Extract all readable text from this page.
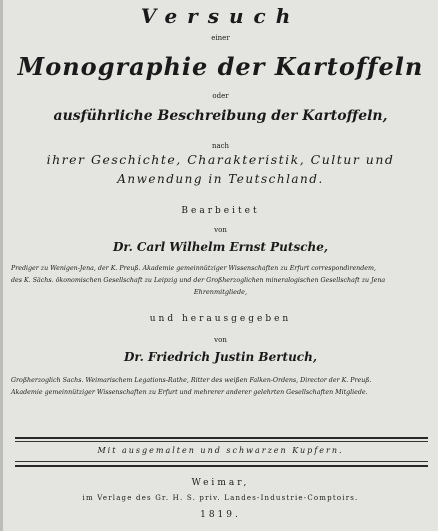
Versuch
einer
Monographie der Kartoffeln
oder
ausführliche Beschreibung der Kartoffeln,
nach
ihrer Geschichte, Charakteristik, Cultur und
Anwendung in Teutschland.
Bearbeitet
von
Dr. Carl Wilhelm Ernst Putsche,
Prediger zu Wenigen-Jena, der K. Preuß. Akademie gemeinnütziger Wissenschaften zu Erfurt correspondirendem,
des K. Sächs. ökonomischen Gesellschaft zu Leipzig und der Großherzoglichen mineralogischen Gesellschaft zu Jena
Ehrenmitgliede,
und herausgegeben
von
Dr. Friedrich Justin Bertuch,
Großherzoglich Sachs. Weimarischem Legations-Rathe, Ritter des weißen Falken-Ordens, Director der K. Preuß.
Akademie gemeinnütziger Wissenschaften zu Erfurt und mehrerer anderer gelehrten Gesellschaften Mitgliede.
Mit ausgemalten und schwarzen Kupfern.
Weimar,
im Verlage des Gr. H. S. priv. Landes-Industrie-Comptoirs.
1819.
